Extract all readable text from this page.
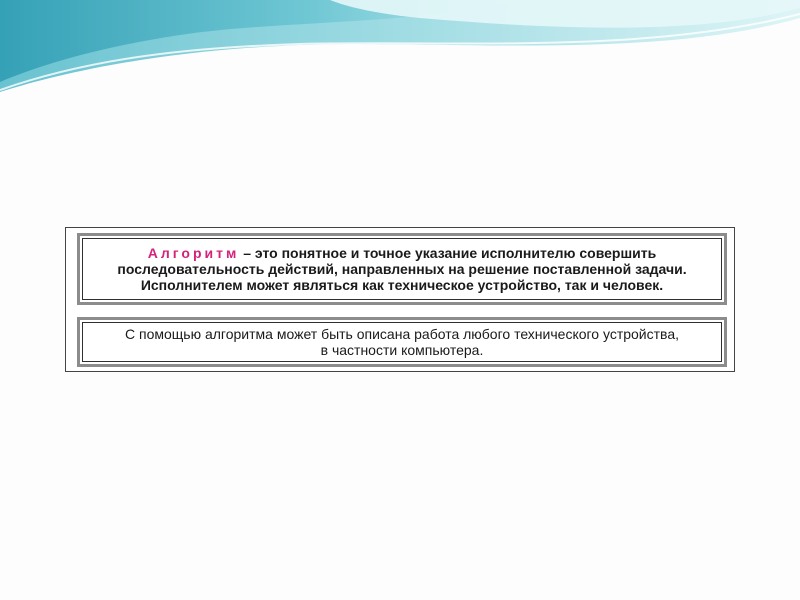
Алгоритм – это понятное и точное указание исполнителю совершить
последовательность действий, направленных на решение поставленной задачи.
Исполнителем может являться как техническое устройство, так и человек.
С помощью алгоритма может быть описана работа любого технического устройства,
в частности компьютера.
